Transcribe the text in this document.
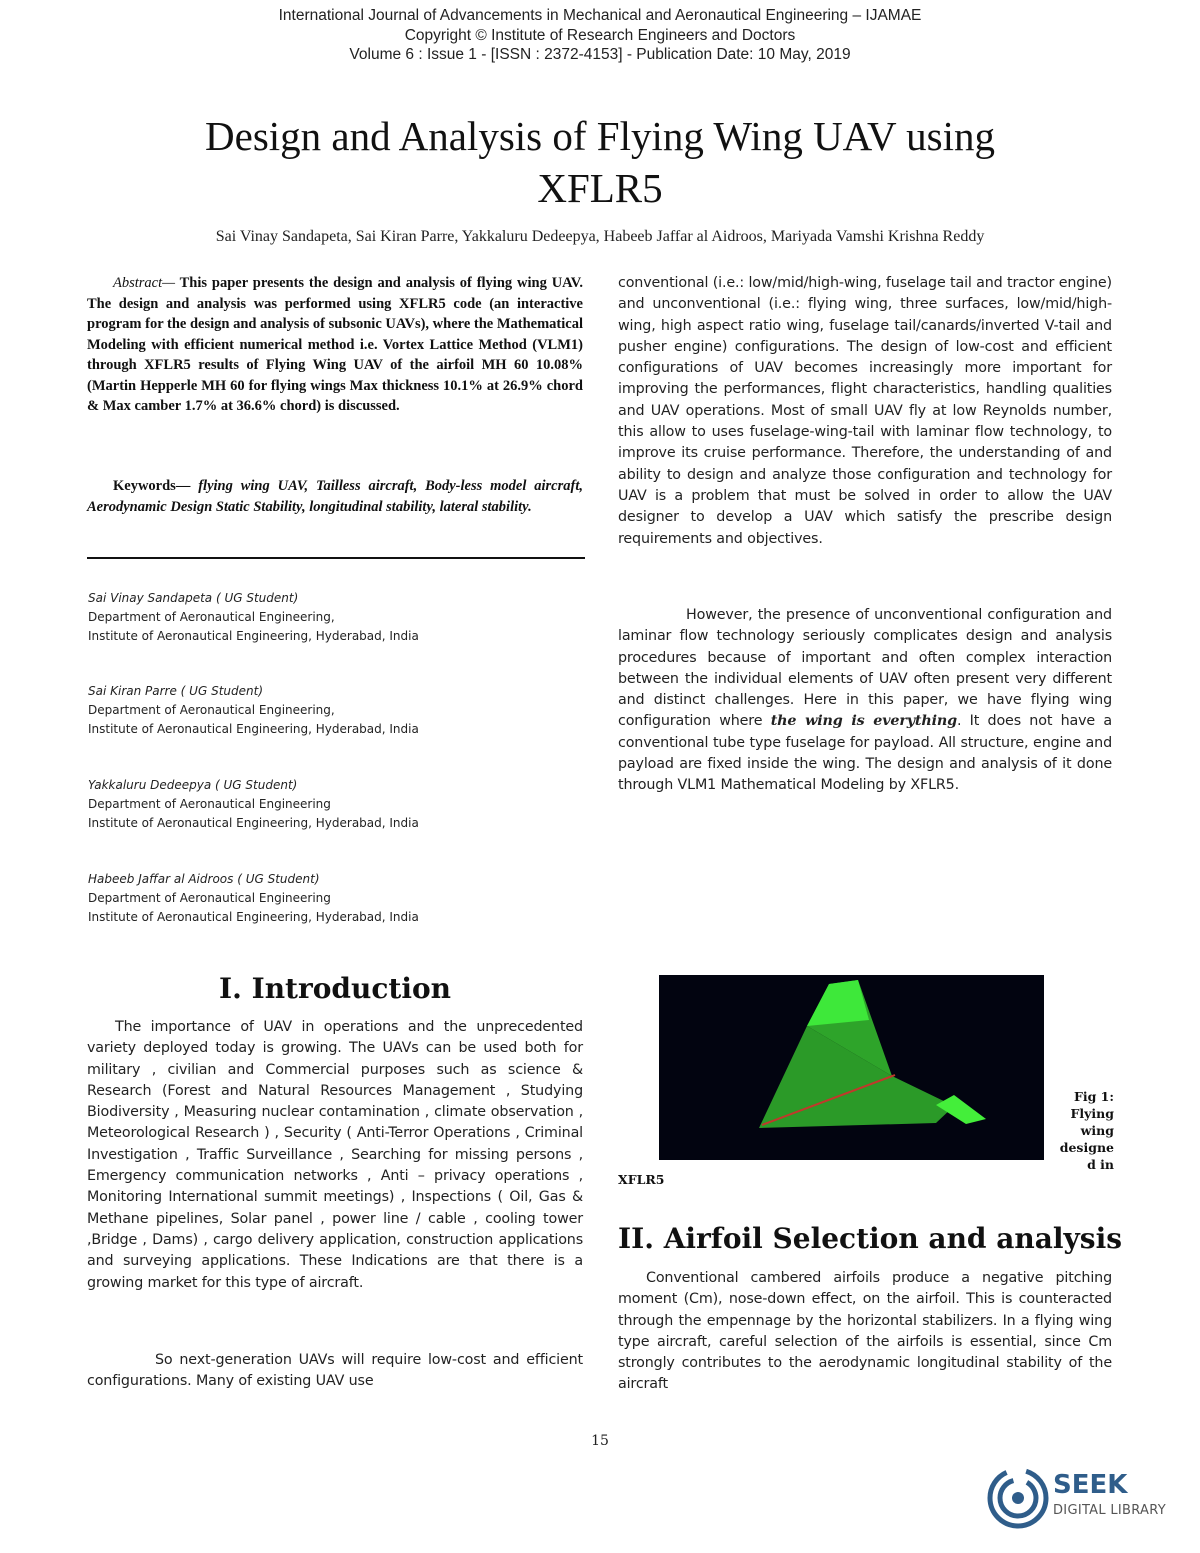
International Journal of Advancements in Mechanical and Aeronautical Engineering – IJAMAE
Copyright © Institute of Research Engineers and Doctors
Volume 6 : Issue 1 - [ISSN : 2372-4153] - Publication Date: 10 May, 2019
Design and Analysis of Flying Wing UAV using
XFLR5
Sai Vinay Sandapeta, Sai Kiran Parre, Yakkaluru Dedeepya, Habeeb Jaffar al Aidroos, Mariyada Vamshi Krishna Reddy

Abstract— This paper presents the design and analysis of flying wing UAV. The design and analysis was performed using XFLR5 code (an interactive program for the design and analysis of subsonic UAVs), where the Mathematical Modeling with efficient numerical method i.e. Vortex Lattice Method (VLM1) through XFLR5 results of Flying Wing UAV of the airfoil MH 60 10.08% (Martin Hepperle MH 60 for flying wings Max thickness 10.1% at 26.9% chord & Max camber 1.7% at 36.6% chord) is discussed.

Keywords— flying wing UAV, Tailless aircraft, Body-less model aircraft, Aerodynamic Design Static Stability, longitudinal stability, lateral stability.
Sai Vinay Sandapeta ( UG Student)
Department of Aeronautical Engineering,
Institute of Aeronautical Engineering, Hyderabad, India
Sai Kiran Parre ( UG Student)
Department of Aeronautical Engineering,
Institute of Aeronautical Engineering, Hyderabad, India
Yakkaluru Dedeepya ( UG Student)
Department of Aeronautical Engineering
Institute of Aeronautical Engineering, Hyderabad, India
Habeeb Jaffar al Aidroos ( UG Student)
Department of Aeronautical Engineering
Institute of Aeronautical Engineering, Hyderabad, India

conventional (i.e.: low/mid/high-wing, fuselage tail and tractor engine) and unconventional (i.e.: flying wing, three surfaces, low/mid/high-wing, high aspect ratio wing, fuselage tail/canards/inverted V-tail and pusher engine) configurations. The design of low-cost and efficient configurations of UAV becomes increasingly more important for improving the performances, flight characteristics, handling qualities and UAV operations. Most of small UAV fly at low Reynolds number, this allow to uses fuselage-wing-tail with laminar flow technology, to improve its cruise performance. Therefore, the understanding of and ability to design and analyze those configuration and technology for UAV is a problem that must be solved in order to allow the UAV designer to develop a UAV which satisfy the prescribe design requirements and objectives.

However, the presence of unconventional configuration and laminar flow technology seriously complicates design and analysis procedures because of important and often complex interaction between the individual elements of UAV often present very different and distinct challenges. Here in this paper, we have flying wing configuration where the wing is everything. It does not have a conventional tube type fuselage for payload. All structure, engine and payload are fixed inside the wing. The design and analysis of it done through VLM1 Mathematical Modeling by XFLR5.

I. Introduction

The importance of UAV in operations and the unprecedented variety deployed today is growing. The UAVs can be used both for military , civilian and Commercial purposes such as science & Research (Forest and Natural Resources Management , Studying Biodiversity , Measuring nuclear contamination , climate observation , Meteorological Research ) , Security ( Anti-Terror Operations , Criminal Investigation , Traffic Surveillance , Searching for missing persons , Emergency communication networks , Anti – privacy operations , Monitoring International summit meetings) , Inspections ( Oil, Gas & Methane pipelines, Solar panel , power line / cable , cooling tower ,Bridge , Dams) , cargo delivery application, construction applications and surveying applications. These Indications are that there is a growing market for this type of aircraft.

So next-generation UAVs will require low-cost and efficient configurations. Many of existing UAV use

Fig 1:
Flying
wing
designe
d in
XFLR5
II. Airfoil Selection and analysis

Conventional cambered airfoils produce a negative pitching moment (Cm), nose-down effect, on the airfoil. This is counteracted through the empennage by the horizontal stabilizers. In a flying wing type aircraft, careful selection of the airfoils is essential, since Cm strongly contributes to the aerodynamic longitudinal stability of the aircraft

15
SEEK
DIGITAL LIBRARY
